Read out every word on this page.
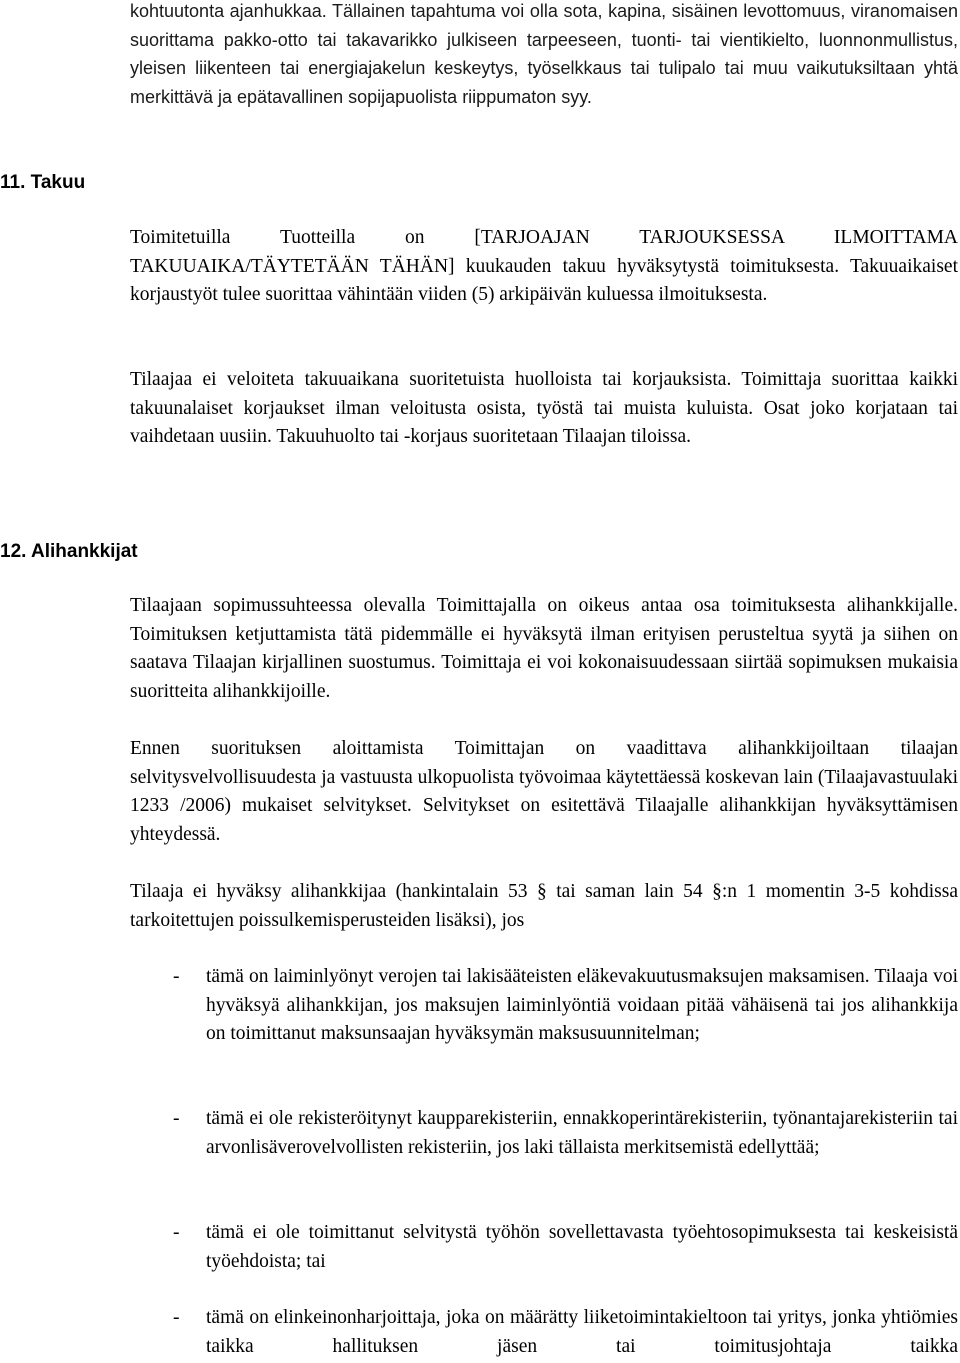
kohtuutonta ajanhukkaa. Tällainen tapahtuma voi olla sota, kapina, sisäinen levottomuus, viranomaisen suorittama pakko-otto tai takavarikko julkiseen tarpeeseen, tuonti- tai vientikielto, luonnonmullistus, yleisen liikenteen tai energiajakelun keskeytys, työselkkaus tai tulipalo tai muu vaikutuksiltaan yhtä merkittävä ja epätavallinen sopijapuolista riippumaton syy.

11. Takuu

Toimitetuilla Tuotteilla on [TARJOAJAN TARJOUKSESSA ILMOITTAMA TAKUUAIKA/TÄYTETÄÄN TÄHÄN] kuukauden takuu hyväksytystä toimituksesta. Takuuaikaiset korjaustyöt tulee suorittaa vähintään viiden (5) arkipäivän kuluessa ilmoituksesta.

Tilaajaa ei veloiteta takuuaikana suoritetuista huolloista tai korjauksista. Toimittaja suorittaa kaikki takuunalaiset korjaukset ilman veloitusta osista, työstä tai muista kuluista. Osat joko korjataan tai vaihdetaan uusiin. Takuuhuolto tai -korjaus suoritetaan Tilaajan tiloissa.

12. Alihankkijat

Tilaajaan sopimussuhteessa olevalla Toimittajalla on oikeus antaa osa toimituksesta alihankkijalle. Toimituksen ketjuttamista tätä pidemmälle ei hyväksytä ilman erityisen perusteltua syytä ja siihen on saatava Tilaajan kirjallinen suostumus. Toimittaja ei voi kokonaisuudessaan siirtää sopimuksen mukaisia suoritteita alihankkijoille.

Ennen suorituksen aloittamista Toimittajan on vaadittava alihankkijoiltaan tilaajan selvitysvelvollisuudesta ja vastuusta ulkopuolista työvoimaa käytettäessä koskevan lain (Tilaajavastuulaki 1233 /2006) mukaiset selvitykset. Selvitykset on esitettävä Tilaajalle alihankkijan hyväksyttämisen yhteydessä.

Tilaaja ei hyväksy alihankkijaa (hankintalain 53 § tai saman lain 54 §:n 1 momentin 3-5 kohdissa tarkoitettujen poissulkemisperusteiden lisäksi), jos

- tämä on laiminlyönyt verojen tai lakisääteisten eläkevakuutusmaksujen maksamisen. Tilaaja voi hyväksyä alihankkijan, jos maksujen laiminlyöntiä voidaan pitää vähäisenä tai jos alihankkija on toimittanut maksunsaajan hyväksymän maksusuunnitelman;
- tämä ei ole rekisteröitynyt kaupparekisteriin, ennakkoperintärekisteriin, työnantajarekisteriin tai arvonlisäverovelvollisten rekisteriin, jos laki tällaista merkitsemistä edellyttää;
- tämä ei ole toimittanut selvitystä työhön sovellettavasta työehtosopimuksesta tai keskeisistä työehdoista; tai
- tämä on elinkeinonharjoittaja, joka on määrätty liiketoimintakieltoon tai yritys, jonka yhtiömies taikka hallituksen jäsen tai toimitusjohtaja taikka
